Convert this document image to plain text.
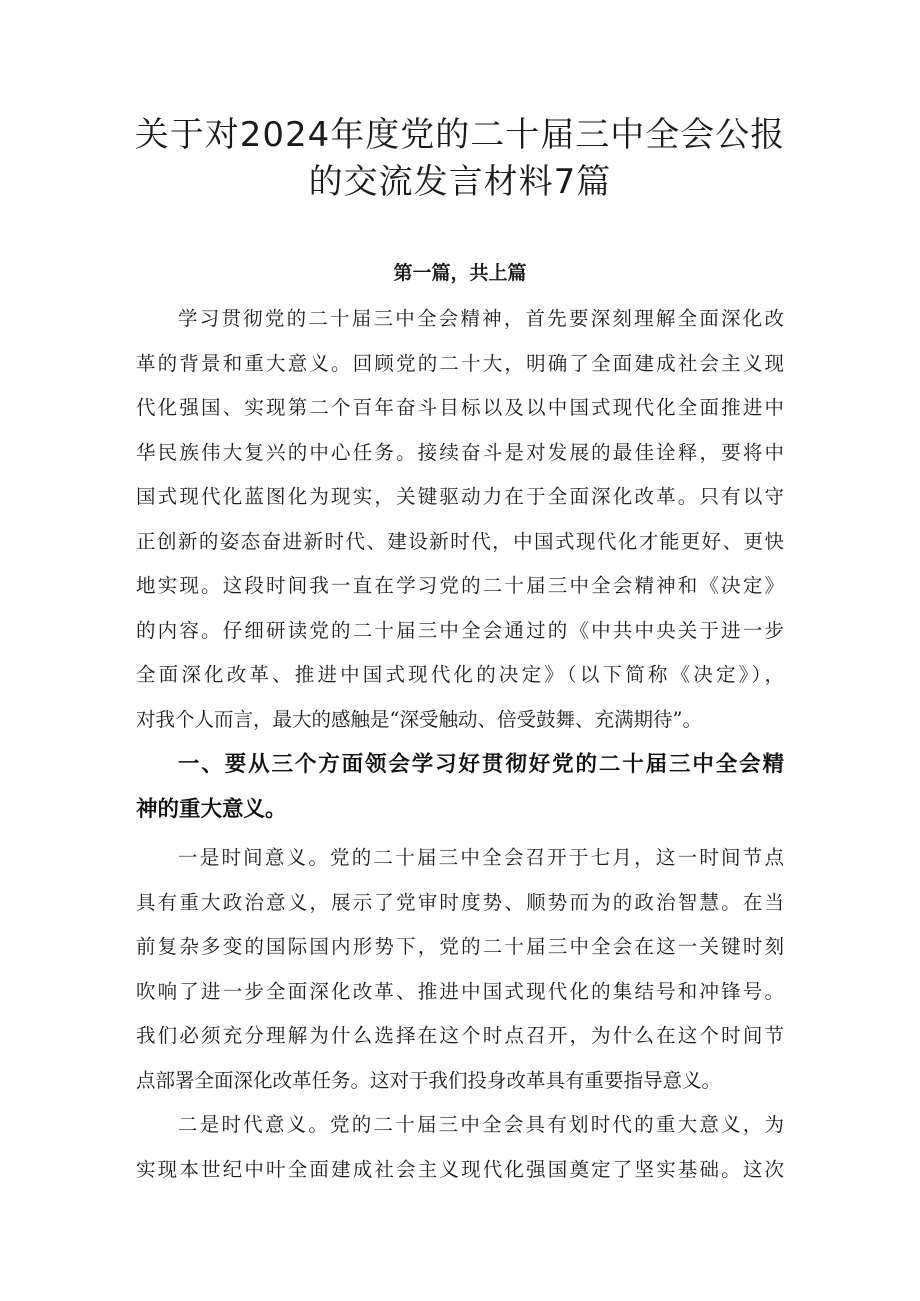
关于对2024年度党的二十届三中全会公报
的交流发言材料7篇
第一篇，共上篇
学习贯彻党的二十届三中全会精神，首先要深刻理解全面深化改
革的背景和重大意义。回顾党的二十大，明确了全面建成社会主义现
代化强国、实现第二个百年奋斗目标以及以中国式现代化全面推进中
华民族伟大复兴的中心任务。接续奋斗是对发展的最佳诠释，要将中
国式现代化蓝图化为现实，关键驱动力在于全面深化改革。只有以守
正创新的姿态奋进新时代、建设新时代，中国式现代化才能更好、更快
地实现。这段时间我一直在学习党的二十届三中全会精神和《决定》
的内容。仔细研读党的二十届三中全会通过的《中共中央关于进一步
全面深化改革、推进中国式现代化的决定》（以下简称《决定》），
对我个人而言，最大的感触是“深受触动、倍受鼓舞、充满期待”。
一、要从三个方面领会学习好贯彻好党的二十届三中全会精
神的重大意义。
一是时间意义。党的二十届三中全会召开于七月，这一时间节点
具有重大政治意义，展示了党审时度势、顺势而为的政治智慧。在当
前复杂多变的国际国内形势下，党的二十届三中全会在这一关键时刻
吹响了进一步全面深化改革、推进中国式现代化的集结号和冲锋号。
我们必须充分理解为什么选择在这个时点召开，为什么在这个时间节
点部署全面深化改革任务。这对于我们投身改革具有重要指导意义。
二是时代意义。党的二十届三中全会具有划时代的重大意义，为
实现本世纪中叶全面建成社会主义现代化强国奠定了坚实基础。这次
